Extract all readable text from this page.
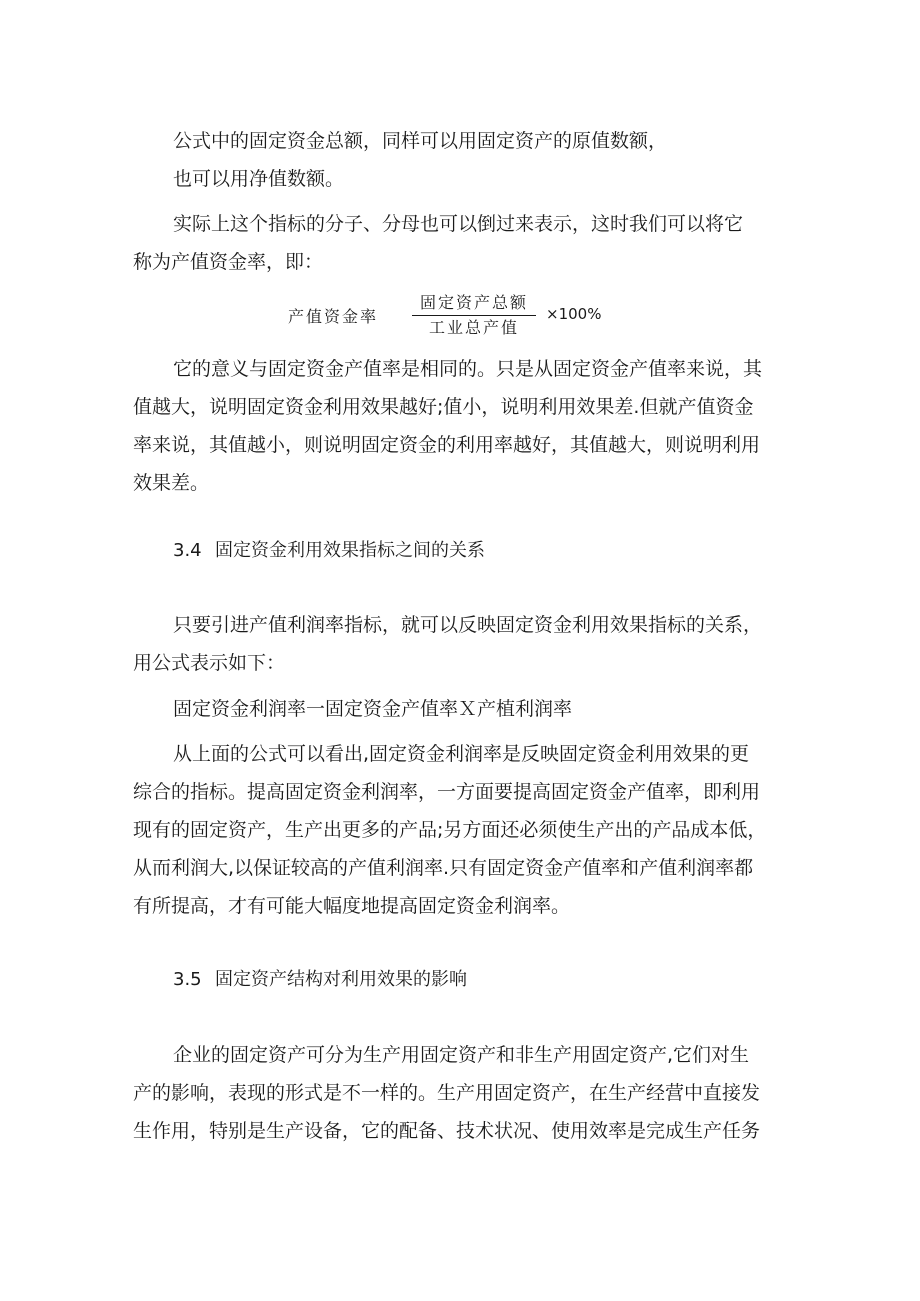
公式中的固定资金总额，同样可以用固定资产的原值数额，
也可以用净值数额。
实际上这个指标的分子、分母也可以倒过来表示，这时我们可以将它
称为产值资金率，即：
产值资金率
固定资产总额
工业总产值
×100%
它的意义与固定资金产值率是相同的。只是从固定资金产值率来说，其
值越大，说明固定资金利用效果越好;值小，说明利用效果差.但就产值资金
率来说，其值越小，则说明固定资金的利用率越好，其值越大，则说明利用
效果差。
3.4 固定资金利用效果指标之间的关系
只要引进产值利润率指标，就可以反映固定资金利用效果指标的关系，
用公式表示如下：
固定资金利润率一固定资金产值率Ｘ产植利润率
从上面的公式可以看出,固定资金利润率是反映固定资金利用效果的更
综合的指标。提高固定资金利润率，一方面要提高固定资金产值率，即利用
现有的固定资产，生产出更多的产品;另方面还必须使生产出的产品成本低，
从而利润大,以保证较高的产值利润率.只有固定资金产值率和产值利润率都
有所提高，才有可能大幅度地提高固定资金利润率。
3.5 固定资产结构对利用效果的影响
企业的固定资产可分为生产用固定资产和非生产用固定资产,它们对生
产的影响，表现的形式是不一样的。生产用固定资产，在生产经营中直接发
生作用，特别是生产设备，它的配备、技术状况、使用效率是完成生产任务
